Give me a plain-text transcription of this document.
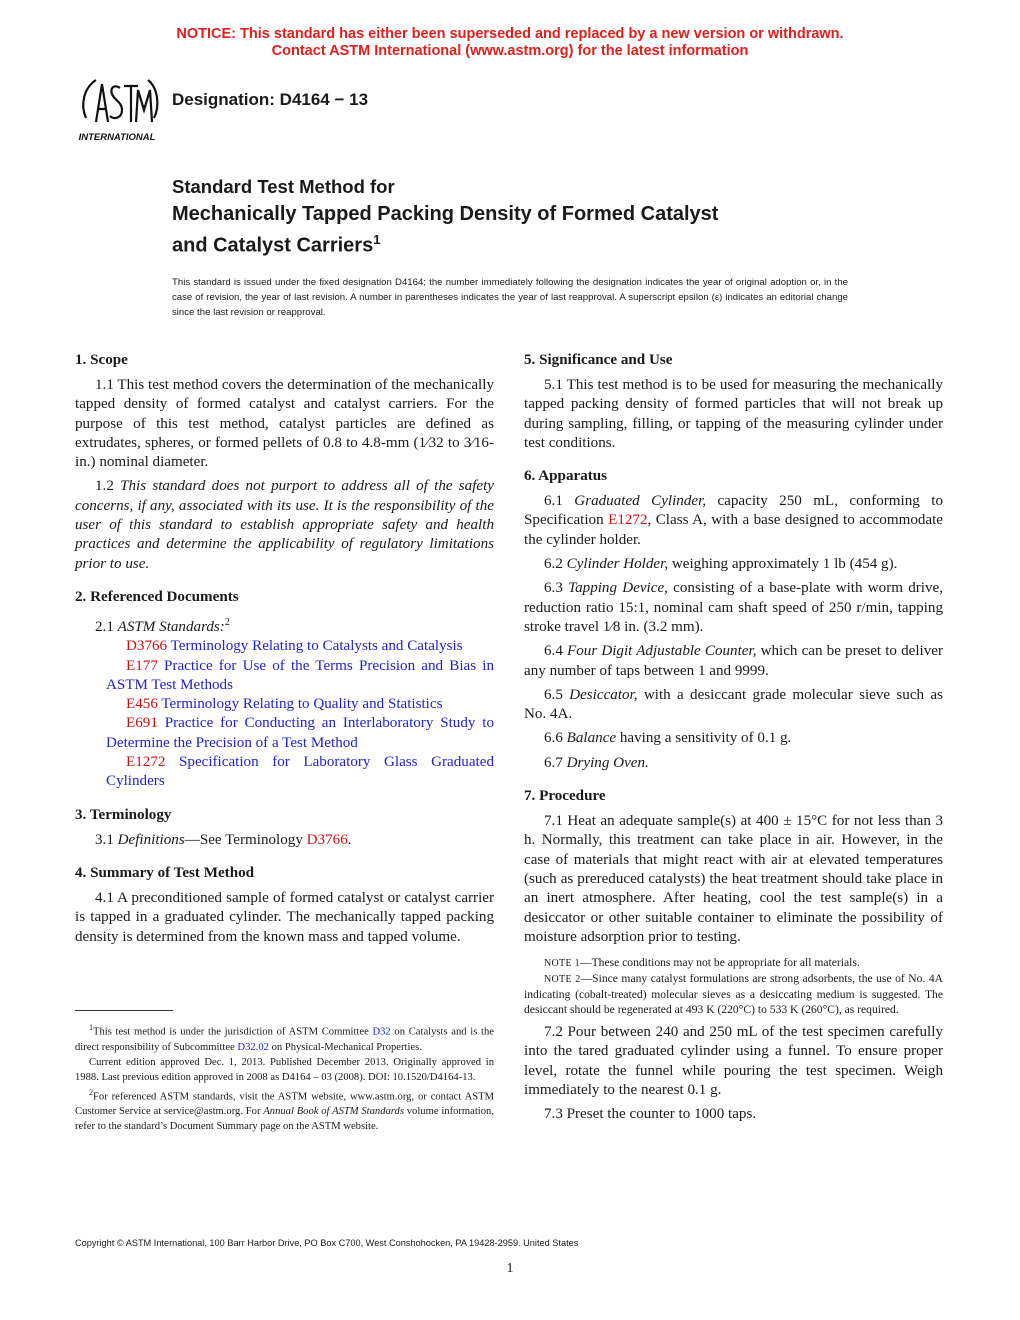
NOTICE: This standard has either been superseded and replaced by a new version or withdrawn.
Contact ASTM International (www.astm.org) for the latest information
INTERNATIONAL
Designation: D4164 − 13
Standard Test Method for
Mechanically Tapped Packing Density of Formed Catalyst
and Catalyst Carriers$^1$
This standard is issued under the fixed designation D4164; the number immediately following the designation indicates the year of original adoption or, in the case of revision, the year of last revision. A number in parentheses indicates the year of last reapproval. A superscript epsilon (ε) indicates an editorial change since the last revision or reapproval.
1. Scope

1.1 This test method covers the determination of the mechanically tapped density of formed catalyst and catalyst carriers. For the purpose of this test method, catalyst particles are defined as extrudates, spheres, or formed pellets of 0.8 to 4.8-mm (1⁄32 to 3⁄16-in.) nominal diameter.

1.2 This standard does not purport to address all of the safety concerns, if any, associated with its use. It is the responsibility of the user of this standard to establish appropriate safety and health practices and determine the applicability of regulatory limitations prior to use.

2. Referenced Documents

2.1 ASTM Standards:$^2$

D3766 Terminology Relating to Catalysts and Catalysis

E177 Practice for Use of the Terms Precision and Bias in ASTM Test Methods

E456 Terminology Relating to Quality and Statistics

E691 Practice for Conducting an Interlaboratory Study to Determine the Precision of a Test Method

E1272 Specification for Laboratory Glass Graduated Cylinders

3. Terminology

3.1 Definitions—See Terminology D3766.

4. Summary of Test Method

4.1 A preconditioned sample of formed catalyst or catalyst carrier is tapped in a graduated cylinder. The mechanically tapped packing density is determined from the known mass and tapped volume.

5. Significance and Use

5.1 This test method is to be used for measuring the mechanically tapped packing density of formed particles that will not break up during sampling, filling, or tapping of the measuring cylinder under test conditions.

6. Apparatus

6.1 Graduated Cylinder, capacity 250 mL, conforming to Specification E1272, Class A, with a base designed to accommodate the cylinder holder.

6.2 Cylinder Holder, weighing approximately 1 lb (454 g).

6.3 Tapping Device, consisting of a base-plate with worm drive, reduction ratio 15:1, nominal cam shaft speed of 250 r/min, tapping stroke travel 1⁄8 in. (3.2 mm).

6.4 Four Digit Adjustable Counter, which can be preset to deliver any number of taps between 1 and 9999.

6.5 Desiccator, with a desiccant grade molecular sieve such as No. 4A.

6.6 Balance having a sensitivity of 0.1 g.

6.7 Drying Oven.

7. Procedure

7.1 Heat an adequate sample(s) at 400 ± 15°C for not less than 3 h. Normally, this treatment can take place in air. However, in the case of materials that might react with air at elevated temperatures (such as prereduced catalysts) the heat treatment should take place in an inert atmosphere. After heating, cool the test sample(s) in a desiccator or other suitable container to eliminate the possibility of moisture adsorption prior to testing.

NOTE 1—These conditions may not be appropriate for all materials.

NOTE 2—Since many catalyst formulations are strong adsorbents, the use of No. 4A indicating (cobalt-treated) molecular sieves as a desiccating medium is suggested. The desiccant should be regenerated at 493 K (220°C) to 533 K (260°C), as required.

7.2 Pour between 240 and 250 mL of the test specimen carefully into the tared graduated cylinder using a funnel. To ensure proper level, rotate the funnel while pouring the test specimen. Weigh immediately to the nearest 0.1 g.

7.3 Preset the counter to 1000 taps.

$^1$This test method is under the jurisdiction of ASTM Committee D32 on Catalysts and is the direct responsibility of Subcommittee D32.02 on Physical-Mechanical Properties.

Current edition approved Dec. 1, 2013. Published December 2013. Originally approved in 1988. Last previous edition approved in 2008 as D4164 – 03 (2008). DOI: 10.1520/D4164-13.

$^2$For referenced ASTM standards, visit the ASTM website, www.astm.org, or contact ASTM Customer Service at service@astm.org. For Annual Book of ASTM Standards volume information, refer to the standard’s Document Summary page on the ASTM website.

Copyright © ASTM International, 100 Barr Harbor Drive, PO Box C700, West Conshohocken, PA 19428-2959. United States
1
